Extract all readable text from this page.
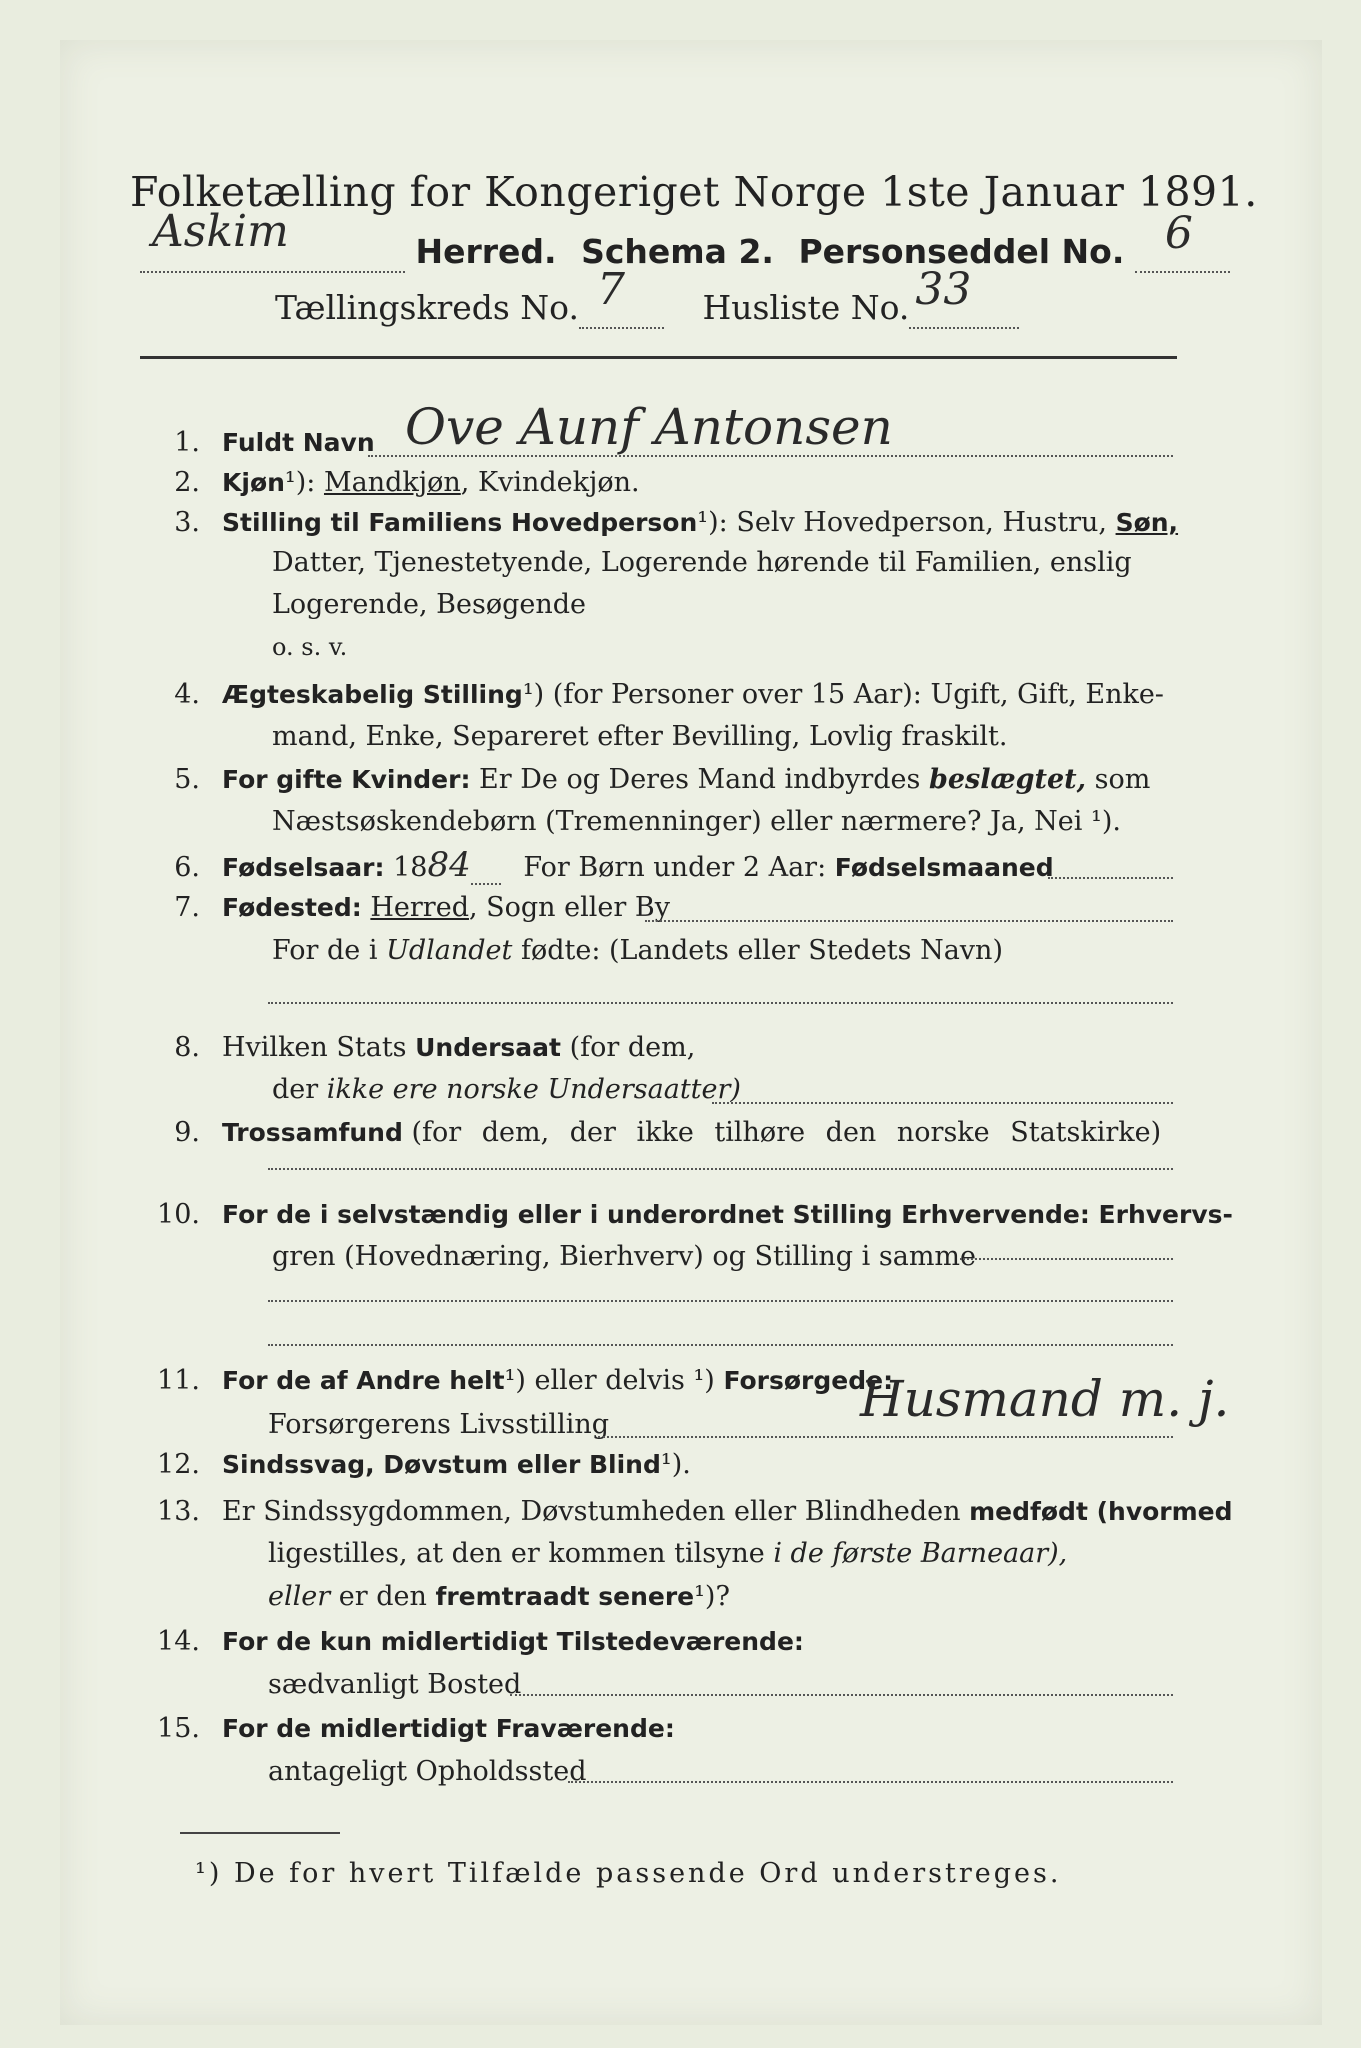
Folketælling for Kongeriget Norge 1ste Januar 1891.
Askim	Herred. Schema 2. Personseddel No. 6

Tællingskreds No. 7 Husliste No. 33

1. Fuldt Navn Ove Aunf Antonsen
2. Kjøn¹): Mandkjøn, Kvindekjøn.
3. Stilling til Familiens Hovedperson¹): Selv Hovedperson, Hustru, Søn,
Datter, Tjenestetyende, Logerende hørende til Familien, enslig
Logerende, Besøgende
o. s. v.
4. Ægteskabelig Stilling¹) (for Personer over 15 Aar): Ugift, Gift, Enke-
mand, Enke, Separeret efter Bevilling, Lovlig fraskilt.
5. For gifte Kvinder: Er De og Deres Mand indbyrdes beslægtet, som
Næstsøskendebørn (Tremenninger) eller nærmere? Ja, Nei ¹).
6. Fødselsaar: 1884 For Børn under 2 Aar: Fødselsmaaned
7. Fødested: Herred, Sogn eller By
For de i Udlandet fødte: (Landets eller Stedets Navn)
8. Hvilken Stats Undersaat (for dem,
der ikke ere norske Undersaatter)
9. Trossamfund (for dem, der ikke tilhøre den norske Statskirke)
10. For de i selvstændig eller i underordnet Stilling Erhvervende: Erhvervs-
gren (Hovednæring, Bierhverv) og Stilling i samme
11. For de af Andre helt¹) eller delvis ¹) Forsørgede:
Forsørgerens Livsstilling	Husmand m. j.
12. Sindssvag, Døvstum eller Blind¹).
13. Er Sindssygdommen, Døvstumheden eller Blindheden medfødt (hvormed
ligestilles, at den er kommen tilsyne i de første Barneaar),
eller er den fremtraadt senere¹)?
14. For de kun midlertidigt Tilstedeværende:
sædvanligt Bosted
15. For de midlertidigt Fraværende:
antageligt Opholdssted
¹) De for hvert Tilfælde passende Ord understreges.
